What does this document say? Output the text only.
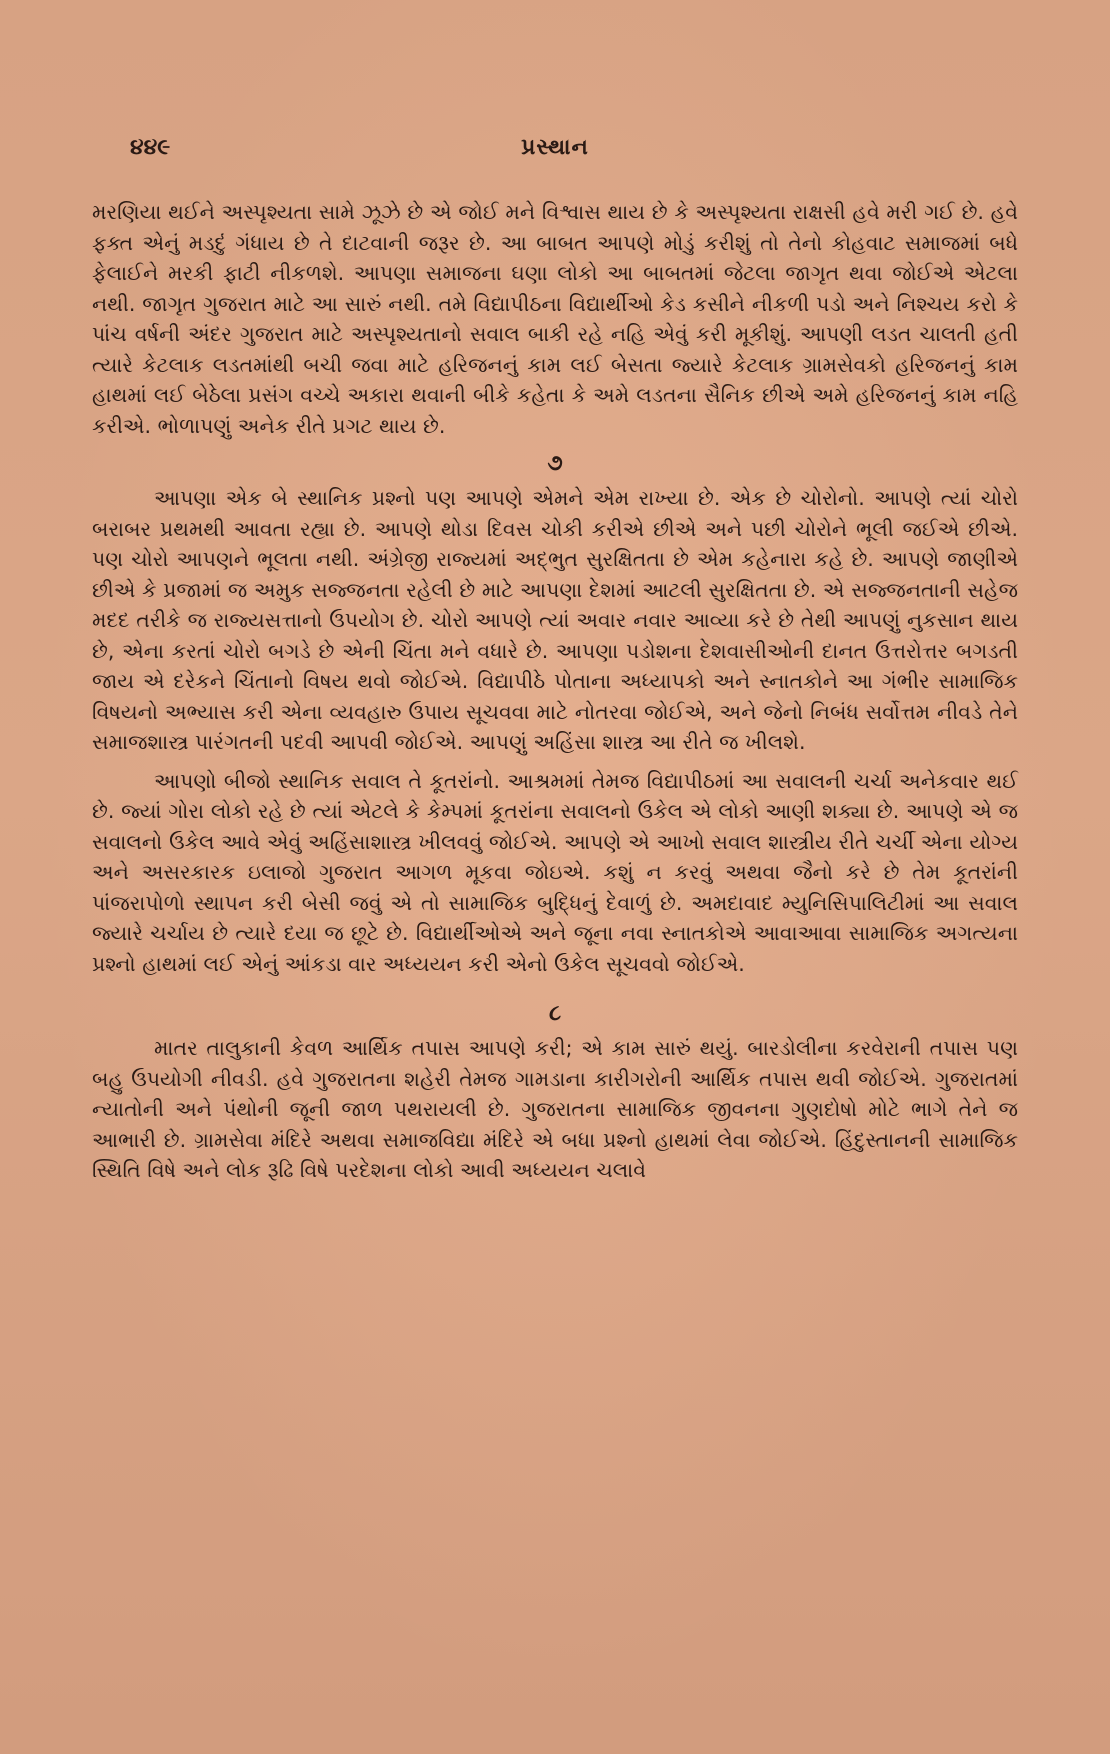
૪૪૯	પ્રસ્થાન

મરણિયા થઈને અસ્પૃશ્યતા સામે ઝૂઝે છે એ જોઈ મને વિશ્વાસ થાય છે કે અસ્પૃશ્યતા રાક્ષસી હવે મરી ગઈ છે. હવે ફક્ત એનું મડદું ગંધાય છે તે દાટવાની જરૂર છે. આ બાબત આપણે મોડું કરીશું તો તેનો કોહવાટ સમાજમાં બધે ફેલાઈને મરકી ફાટી નીકળશે. આપણા સમાજના ઘણા લોકો આ બાબતમાં જેટલા જાગૃત થવા જોઈએ એટલા નથી. જાગૃત ગુજરાત માટે આ સારું નથી. તમે વિદ્યાપીઠના વિદ્યાર્થીઓ કેડ કસીને નીકળી પડો અને નિશ્ચય કરો કે પાંચ વર્ષની અંદર ગુજરાત માટે અસ્પૃશ્યતાનો સવાલ બાકી રહે નહિ એવું કરી મૂકીશું. આપણી લડત ચાલતી હતી ત્યારે કેટલાક લડતમાંથી બચી જવા માટે હરિજનનું કામ લઈ બેસતા જ્યારે કેટલાક ગ્રામસેવકો હરિજનનું કામ હાથમાં લઈ બેઠેલા પ્રસંગ વચ્ચે અકારા થવાની બીકે કહેતા કે અમે લડતના સૈનિક છીએ અમે હરિજનનું કામ નહિ કરીએ. ભોળાપણું અનેક રીતે પ્રગટ થાય છે.

૭

આપણા એક બે સ્થાનિક પ્રશ્નો પણ આપણે એમને એમ રાખ્યા છે. એક છે ચોરોનો. આપણે ત્યાં ચોરો બરાબર પ્રથમથી આવતા રહ્યા છે. આપણે થોડા દિવસ ચોકી કરીએ છીએ અને પછી ચોરોને ભૂલી જઈએ છીએ. પણ ચોરો આપણને ભૂલતા નથી. અંગ્રેજી રાજ્યમાં અદ્ભુત સુરક્ષિતતા છે એમ કહેનારા કહે છે. આપણે જાણીએ છીએ કે પ્રજામાં જ અમુક સજ્જનતા રહેલી છે માટે આપણા દેશમાં આટલી સુરક્ષિતતા છે. એ સજ્જનતાની સહેજ મદદ તરીકે જ રાજ્યસત્તાનો ઉપયોગ છે. ચોરો આપણે ત્યાં અવાર નવાર આવ્યા કરે છે તેથી આપણું નુકસાન થાય છે, એના કરતાં ચોરો બગડે છે એની ચિંતા મને વધારે છે. આપણા પડોશના દેશવાસીઓની દાનત ઉત્તરોત્તર બગડતી જાય એ દરેકને ચિંતાનો વિષય થવો જોઈએ. વિદ્યાપીઠે પોતાના અધ્યાપકો અને સ્નાતકોને આ ગંભીર સામાજિક વિષયનો અભ્યાસ કરી એના વ્યવહારુ ઉપાય સૂચવવા માટે નોતરવા જોઈએ, અને જેનો નિબંધ સર્વોત્તમ નીવડે તેને સમાજશાસ્ત્ર પારંગતની પદવી આપવી જોઈએ. આપણું અહિંસા શાસ્ત્ર આ રીતે જ ખીલશે.

આપણો બીજો સ્થાનિક સવાલ તે કૂતરાંનો. આશ્રમમાં તેમજ વિદ્યાપીઠમાં આ સવાલની ચર્ચા અનેકવાર થઈ છે. જ્યાં ગોરા લોકો રહે છે ત્યાં એટલે કે કેમ્પમાં કૂતરાંના સવાલનો ઉકેલ એ લોકો આણી શક્યા છે. આપણે એ જ સવાલનો ઉકેલ આવે એવું અહિંસાશાસ્ત્ર ખીલવવું જોઈએ. આપણે એ આખો સવાલ શાસ્ત્રીય રીતે ચર્ચી એના યોગ્ય અને અસરકારક ઇલાજો ગુજરાત આગળ મૂકવા જોઇએ. કશું ન કરવું અથવા જૈનો કરે છે તેમ કૂતરાંની પાંજરાપોળો સ્થાપન કરી બેસી જવું એ તો સામાજિક બુદ્ધિનું દેવાળું છે. અમદાવાદ મ્યુનિસિપાલિટીમાં આ સવાલ જ્યારે ચર્ચાય છે ત્યારે દયા જ છૂટે છે. વિદ્યાર્થીઓએ અને જૂના નવા સ્નાતકોએ આવાઆવા સામાજિક અગત્યના પ્રશ્નો હાથમાં લઈ એનું આંકડા વાર અધ્યયન કરી એનો ઉકેલ સૂચવવો જોઈએ.

૮

માતર તાલુકાની કેવળ આર્થિક તપાસ આપણે કરી; એ કામ સારું થયું. બારડોલીના કરવેરાની તપાસ પણ બહુ ઉપયોગી નીવડી. હવે ગુજરાતના શહેરી તેમજ ગામડાના કારીગરોની આર્થિક તપાસ થવી જોઈએ. ગુજરાતમાં ન્યાતોની અને પંથોની જૂની જાળ પથરાયલી છે. ગુજરાતના સામાજિક જીવનના ગુણદોષો મોટે ભાગે તેને જ આભારી છે. ગ્રામસેવા મંદિરે અથવા સમાજવિદ્યા મંદિરે એ બધા પ્રશ્નો હાથમાં લેવા જોઈએ. હિંદુસ્તાનની સામાજિક સ્થિતિ વિષે અને લોક રૂઢિ વિષે પરદેશના લોકો આવી અધ્યયન ચલાવે
